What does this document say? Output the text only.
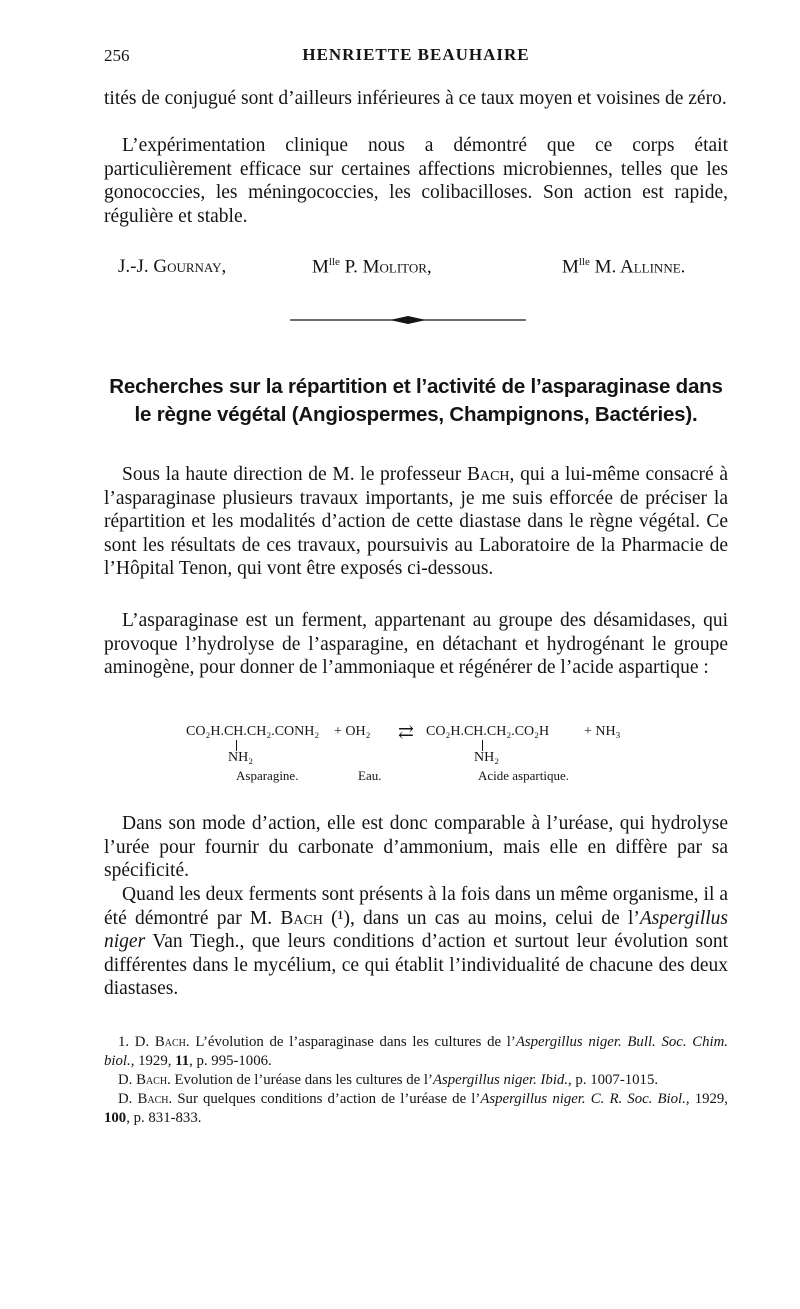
256	HENRIETTE BEAUHAIRE

tités de conjugué sont d’ailleurs inférieures à ce taux moyen et voisines de zéro.

L’expérimentation clinique nous a démontré que ce corps était particulièrement efficace sur certaines affections microbiennes, telles que les gonococcies, les méningococcies, les colibacilloses. Son action est rapide, régulière et stable.

J.-J. Gournay,	$M^{lle}$ P. Molitor,	$M^{lle}$ M. Allinne.
Recherches sur la répartition et l’activité de l’asparaginase dans le règne végétal (Angiospermes, Champignons, Bactéries).

Sous la haute direction de M. le professeur Bach, qui a lui-même consacré à l’asparaginase plusieurs travaux importants, je me suis efforcée de préciser la répartition et les modalités d’action de cette diastase dans le règne végétal. Ce sont les résultats de ces travaux, poursuivis au Laboratoire de la Pharmacie de l’Hôpital Tenon, qui vont être exposés ci-dessous.

L’asparaginase est un ferment, appartenant au groupe des désamidases, qui provoque l’hydrolyse de l’asparagine, en détachant et hydrogénant le groupe aminogène, pour donner de l’ammoniaque et régénérer de l’acide aspartique :

CO₂H.CH.CH₂.CONH₂ + OH₂ ⇄ CO₂H.CH.CH₂.CO₂H + NH₃
NH₂	NH₂
Asparagine.	Eau.	Acide aspartique.

Dans son mode d’action, elle est donc comparable à l’uréase, qui hydrolyse l’urée pour fournir du carbonate d’ammonium, mais elle en diffère par sa spécificité.

Quand les deux ferments sont présents à la fois dans un même organisme, il a été démontré par M. Bach (¹), dans un cas au moins, celui de l’Aspergillus niger Van Tiegh., que leurs conditions d’action et surtout leur évolution sont différentes dans le mycélium, ce qui établit l’individualité de chacune des deux diastases.

1. D. Bach. L’évolution de l’asparaginase dans les cultures de l’Aspergillus niger. Bull. Soc. Chim. biol., 1929, 11, p. 995-1006.

D. Bach. Evolution de l’uréase dans les cultures de l’Aspergillus niger. Ibid., p. 1007-1015.

D. Bach. Sur quelques conditions d’action de l’uréase de l’Aspergillus niger. C. R. Soc. Biol., 1929, 100, p. 831-833.
